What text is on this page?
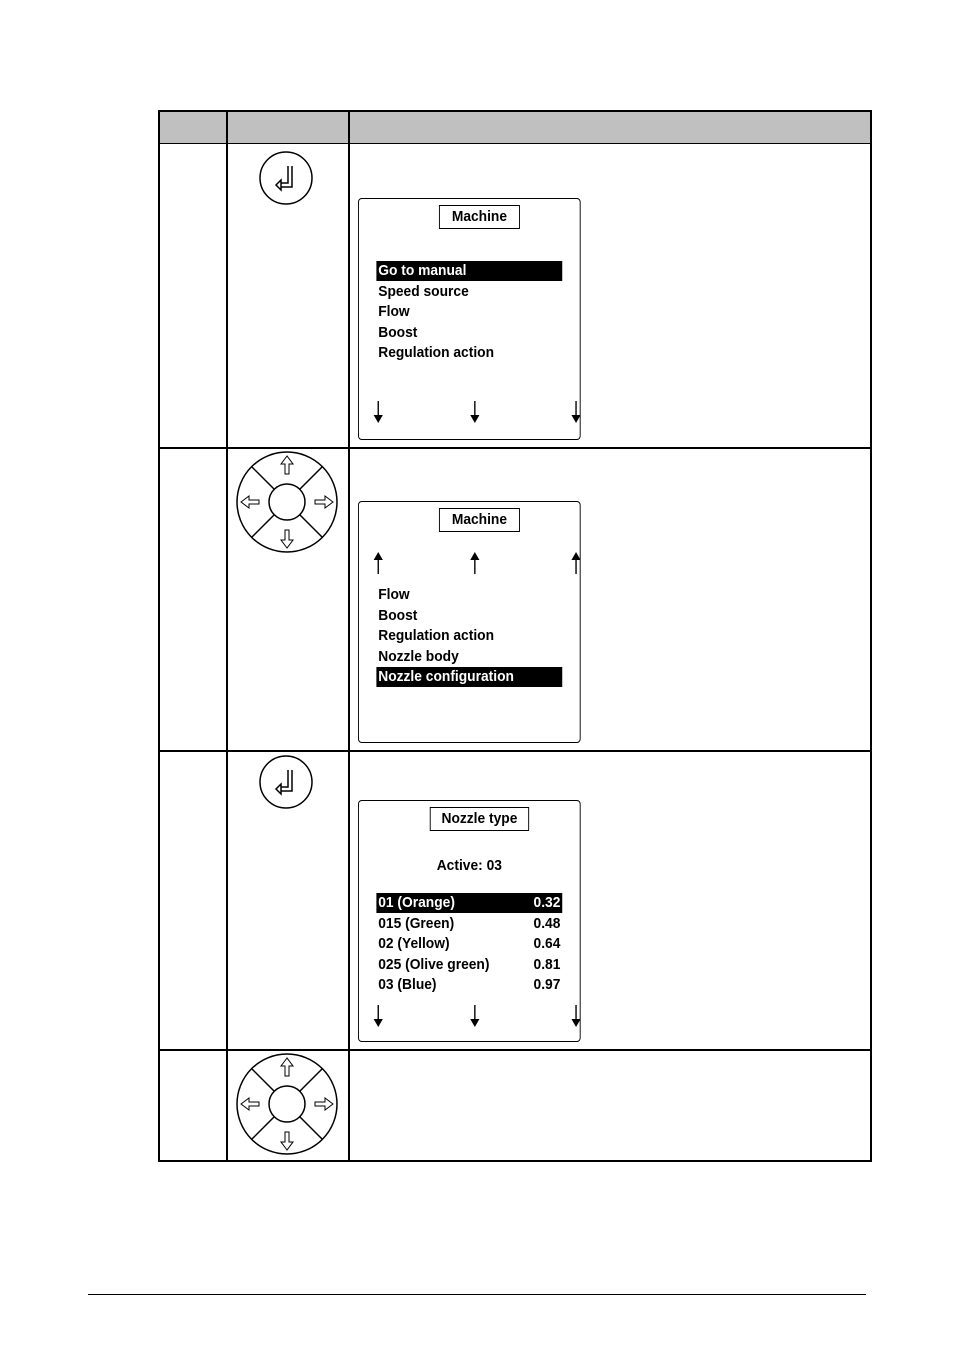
Machine
Go to manual
Speed source
Flow
Boost
Regulation action
Machine
Flow
Boost
Regulation action
Nozzle body
Nozzle configuration
Nozzle type
Active: 03
01 (Orange)	0.32
015 (Green)	0.48
02 (Yellow)	0.64
025 (Olive green)	0.81
03 (Blue)	0.97
